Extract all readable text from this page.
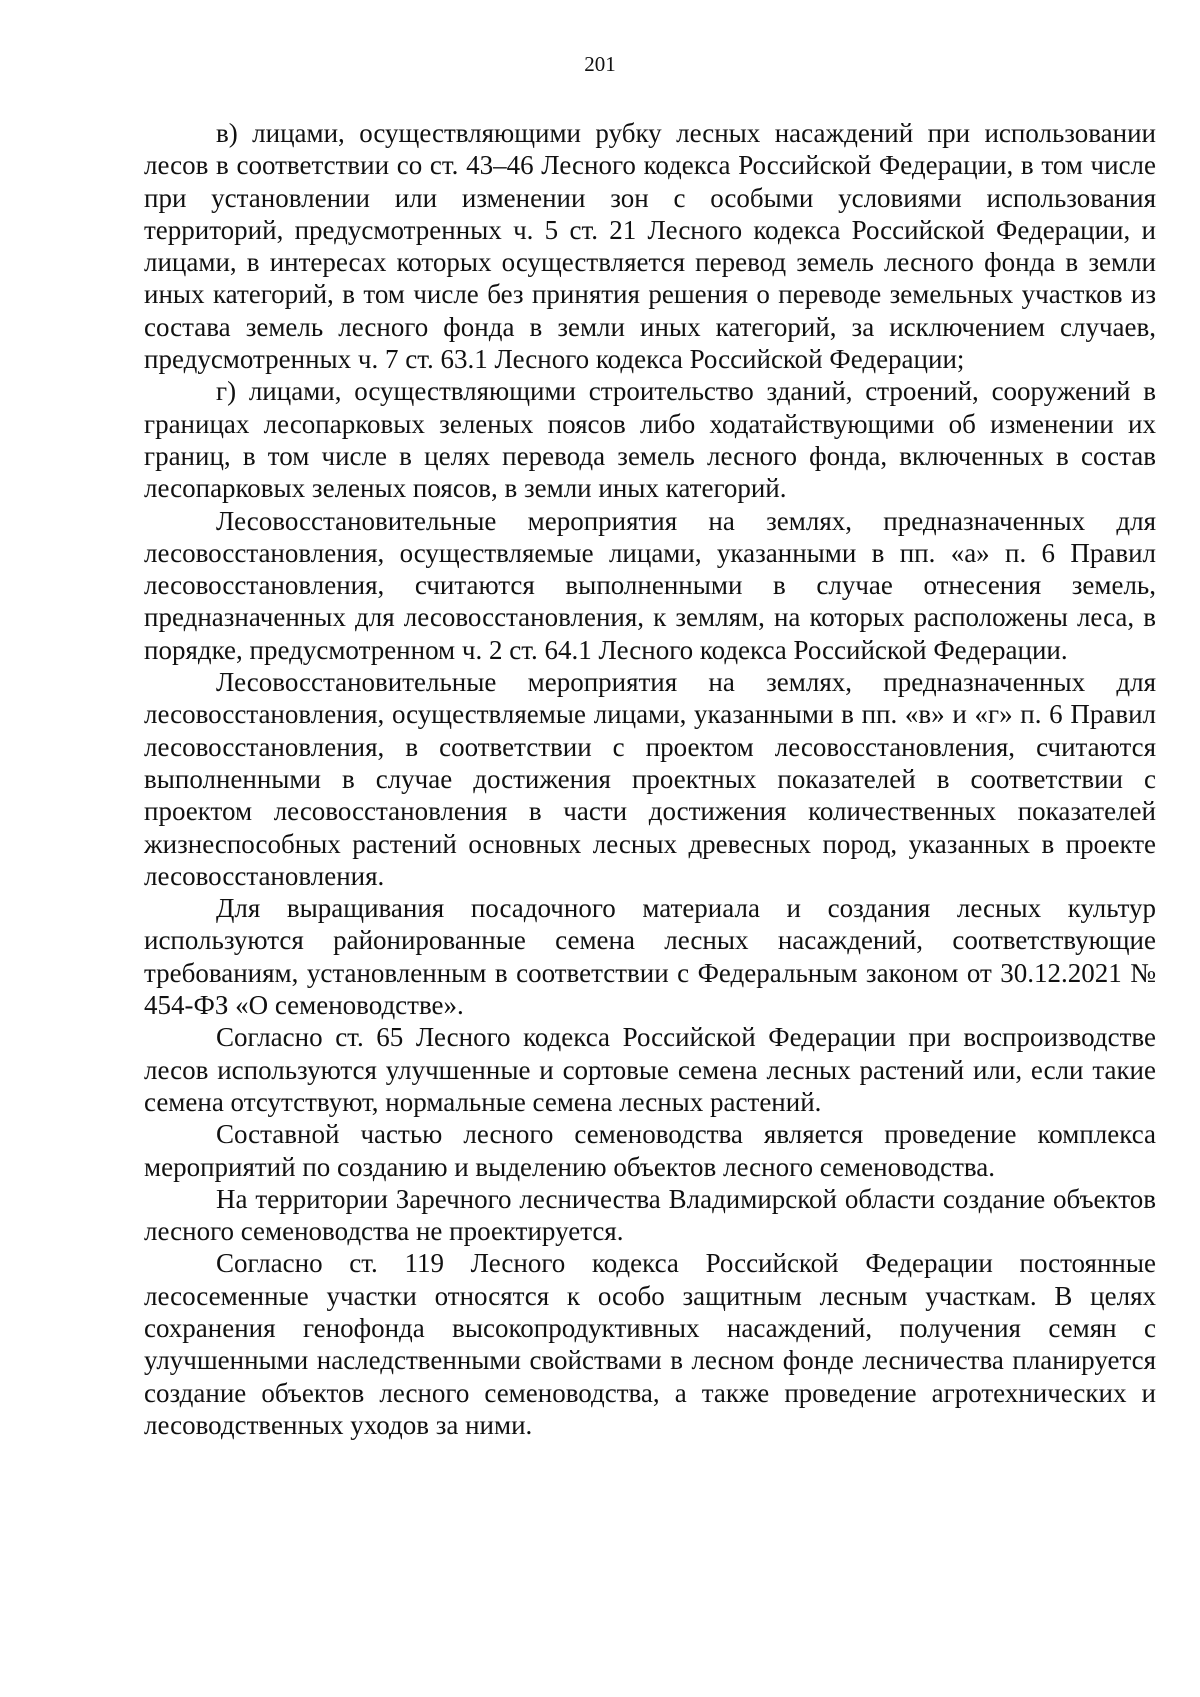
201

в) лицами, осуществляющими рубку лесных насаждений при использовании лесов в соответствии со ст. 43–46 Лесного кодекса Российской Федерации, в том числе при установлении или изменении зон с особыми условиями использования территорий, предусмотренных ч. 5 ст. 21 Лесного кодекса Российской Федерации, и лицами, в интересах которых осуществляется перевод земель лесного фонда в земли иных категорий, в том числе без принятия решения о переводе земельных участков из состава земель лесного фонда в земли иных категорий, за исключением случаев, предусмотренных ч. 7 ст. 63.1 Лесного кодекса Российской Федерации;

г) лицами, осуществляющими строительство зданий, строений, сооружений в границах лесопарковых зеленых поясов либо ходатайствующими об изменении их границ, в том числе в целях перевода земель лесного фонда, включенных в состав лесопарковых зеленых поясов, в земли иных категорий.

Лесовосстановительные мероприятия на землях, предназначенных для лесовосстановления, осуществляемые лицами, указанными в пп. «а» п. 6 Правил лесовосстановления, считаются выполненными в случае отнесения земель, предназначенных для лесовосстановления, к землям, на которых расположены леса, в порядке, предусмотренном ч. 2 ст. 64.1 Лесного кодекса Российской Федерации.

Лесовосстановительные мероприятия на землях, предназначенных для лесовосстановления, осуществляемые лицами, указанными в пп. «в» и «г» п. 6 Правил лесовосстановления, в соответствии с проектом лесовосстановления, считаются выполненными в случае достижения проектных показателей в соответствии с проектом лесовосстановления в части достижения количественных показателей жизнеспособных растений основных лесных древесных пород, указанных в проекте лесовосстановления.

Для выращивания посадочного материала и создания лесных культур используются районированные семена лесных насаждений, соответствующие требованиям, установленным в соответствии с Федеральным законом от 30.12.2021 № 454-ФЗ «О семеноводстве».

Согласно ст. 65 Лесного кодекса Российской Федерации при воспроизводстве лесов используются улучшенные и сортовые семена лесных растений или, если такие семена отсутствуют, нормальные семена лесных растений.

Составной частью лесного семеноводства является проведение комплекса мероприятий по созданию и выделению объектов лесного семеноводства.

На территории Заречного лесничества Владимирской области создание объектов лесного семеноводства не проектируется.

Согласно ст. 119 Лесного кодекса Российской Федерации постоянные лесосеменные участки относятся к особо защитным лесным участкам. В целях сохранения генофонда высокопродуктивных насаждений, получения семян с улучшенными наследственными свойствами в лесном фонде лесничества планируется создание объектов лесного семеноводства, а также проведение агротехнических и лесоводственных уходов за ними.
